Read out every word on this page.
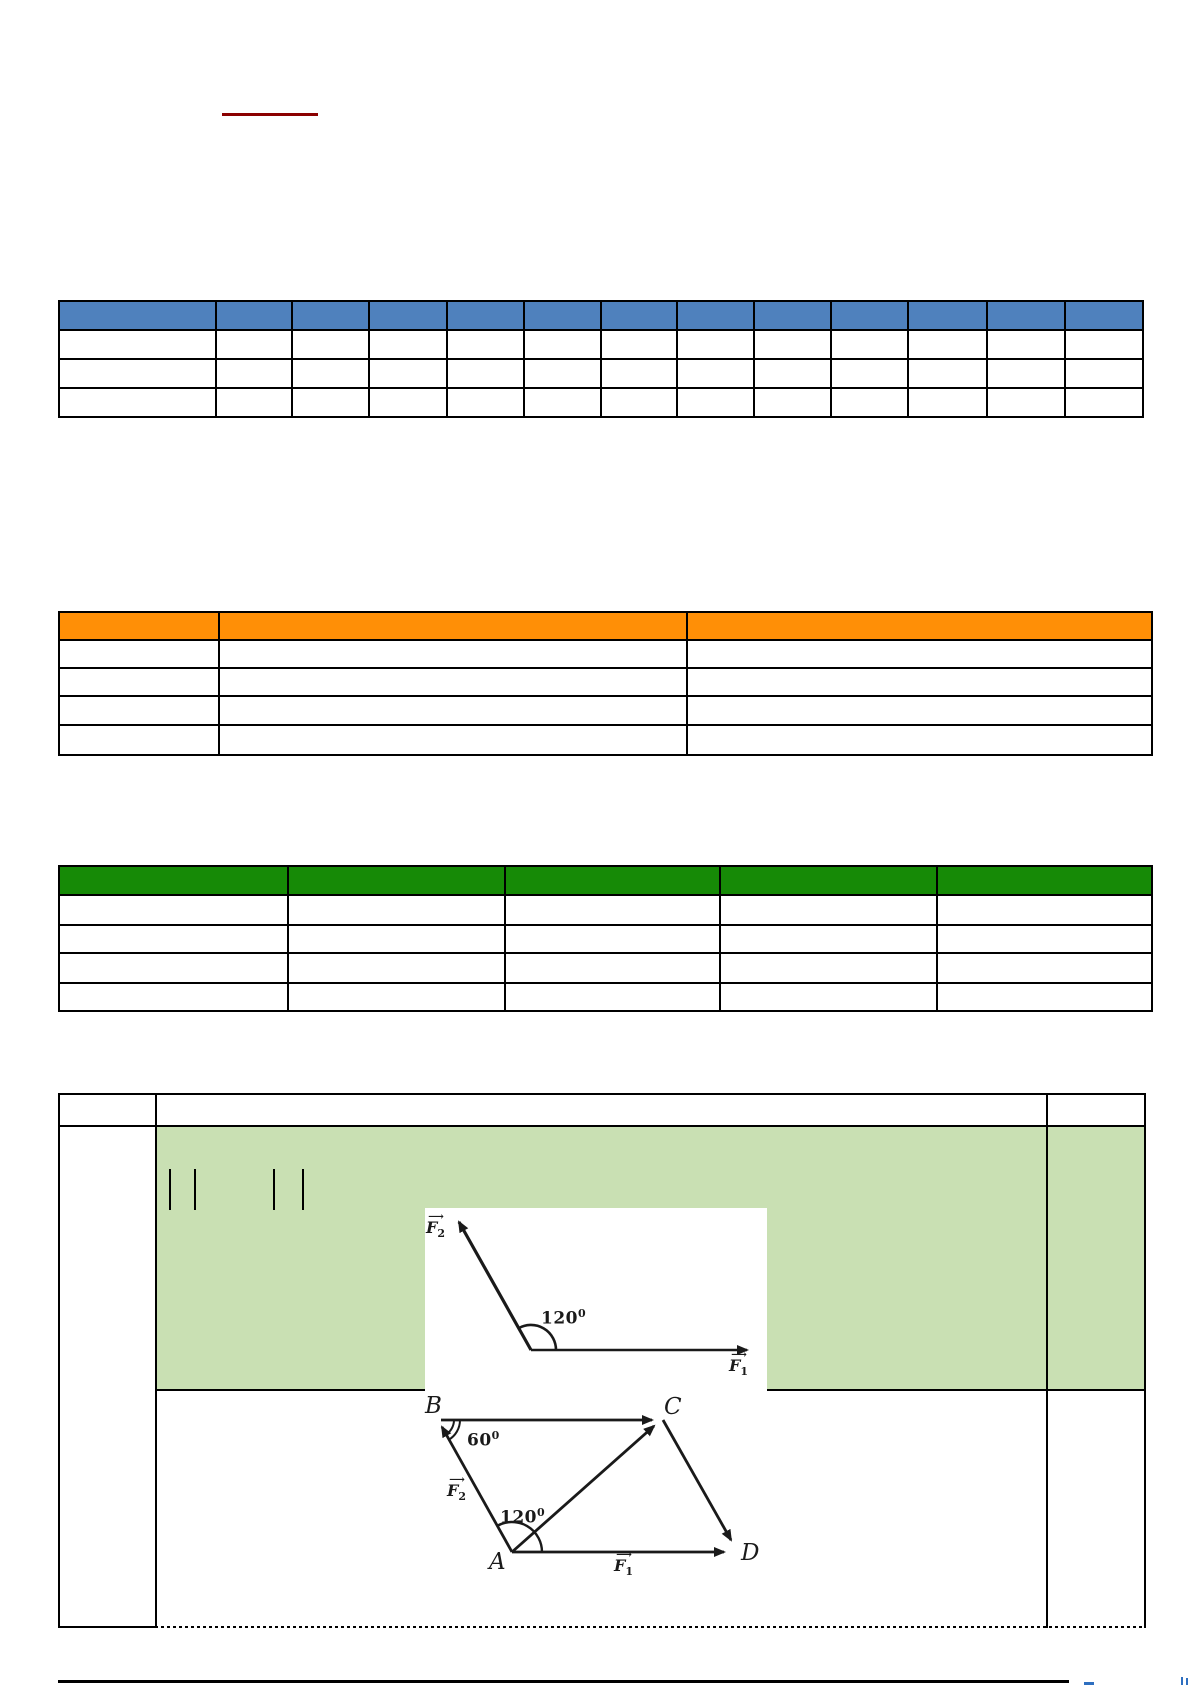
⟶
$F_2$
$120^0$
⟶
$F_1$
B	C
A	D
$60^0$
$120^0$
⟶
$F_2$
⟶
$F_1$
